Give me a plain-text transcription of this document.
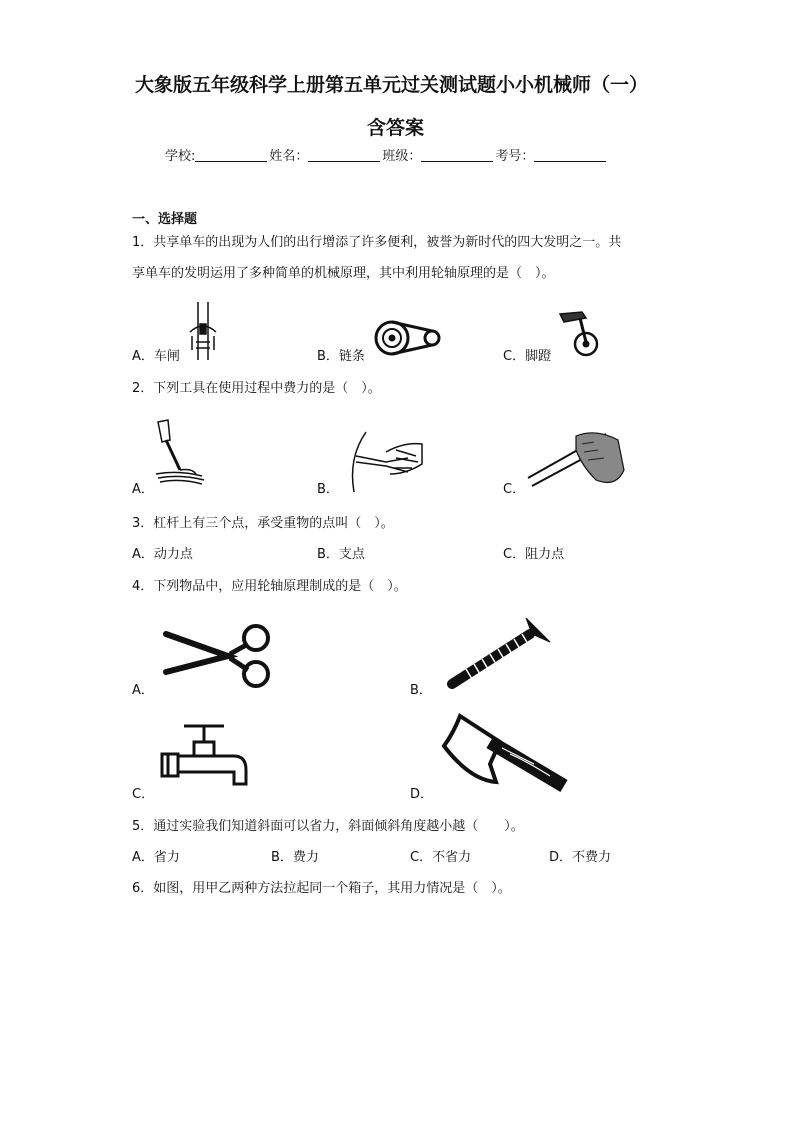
大象版五年级科学上册第五单元过关测试题小小机械师（一）
含答案
学校:	姓名：	班级：	考号：
一、选择题
1．共享单车的出现为人们的出行增添了许多便利，被誉为新时代的四大发明之一。共
享单车的发明运用了多种简单的机械原理，其中利用轮轴原理的是（　）。
A．车闸	B．链条	C．脚蹬
2．下列工具在使用过程中费力的是（　）。
A．	B．	C．
3．杠杆上有三个点，承受重物的点叫（　）。
A．动力点	B．支点	C．阻力点
4．下列物品中，应用轮轴原理制成的是（　）。
A．	B．
C．	D．
5．通过实验我们知道斜面可以省力，斜面倾斜角度越小越（　　）。
A．省力	B．费力	C．不省力	D．不费力
6．如图，用甲乙两种方法拉起同一个箱子，其用力情况是（　）。
